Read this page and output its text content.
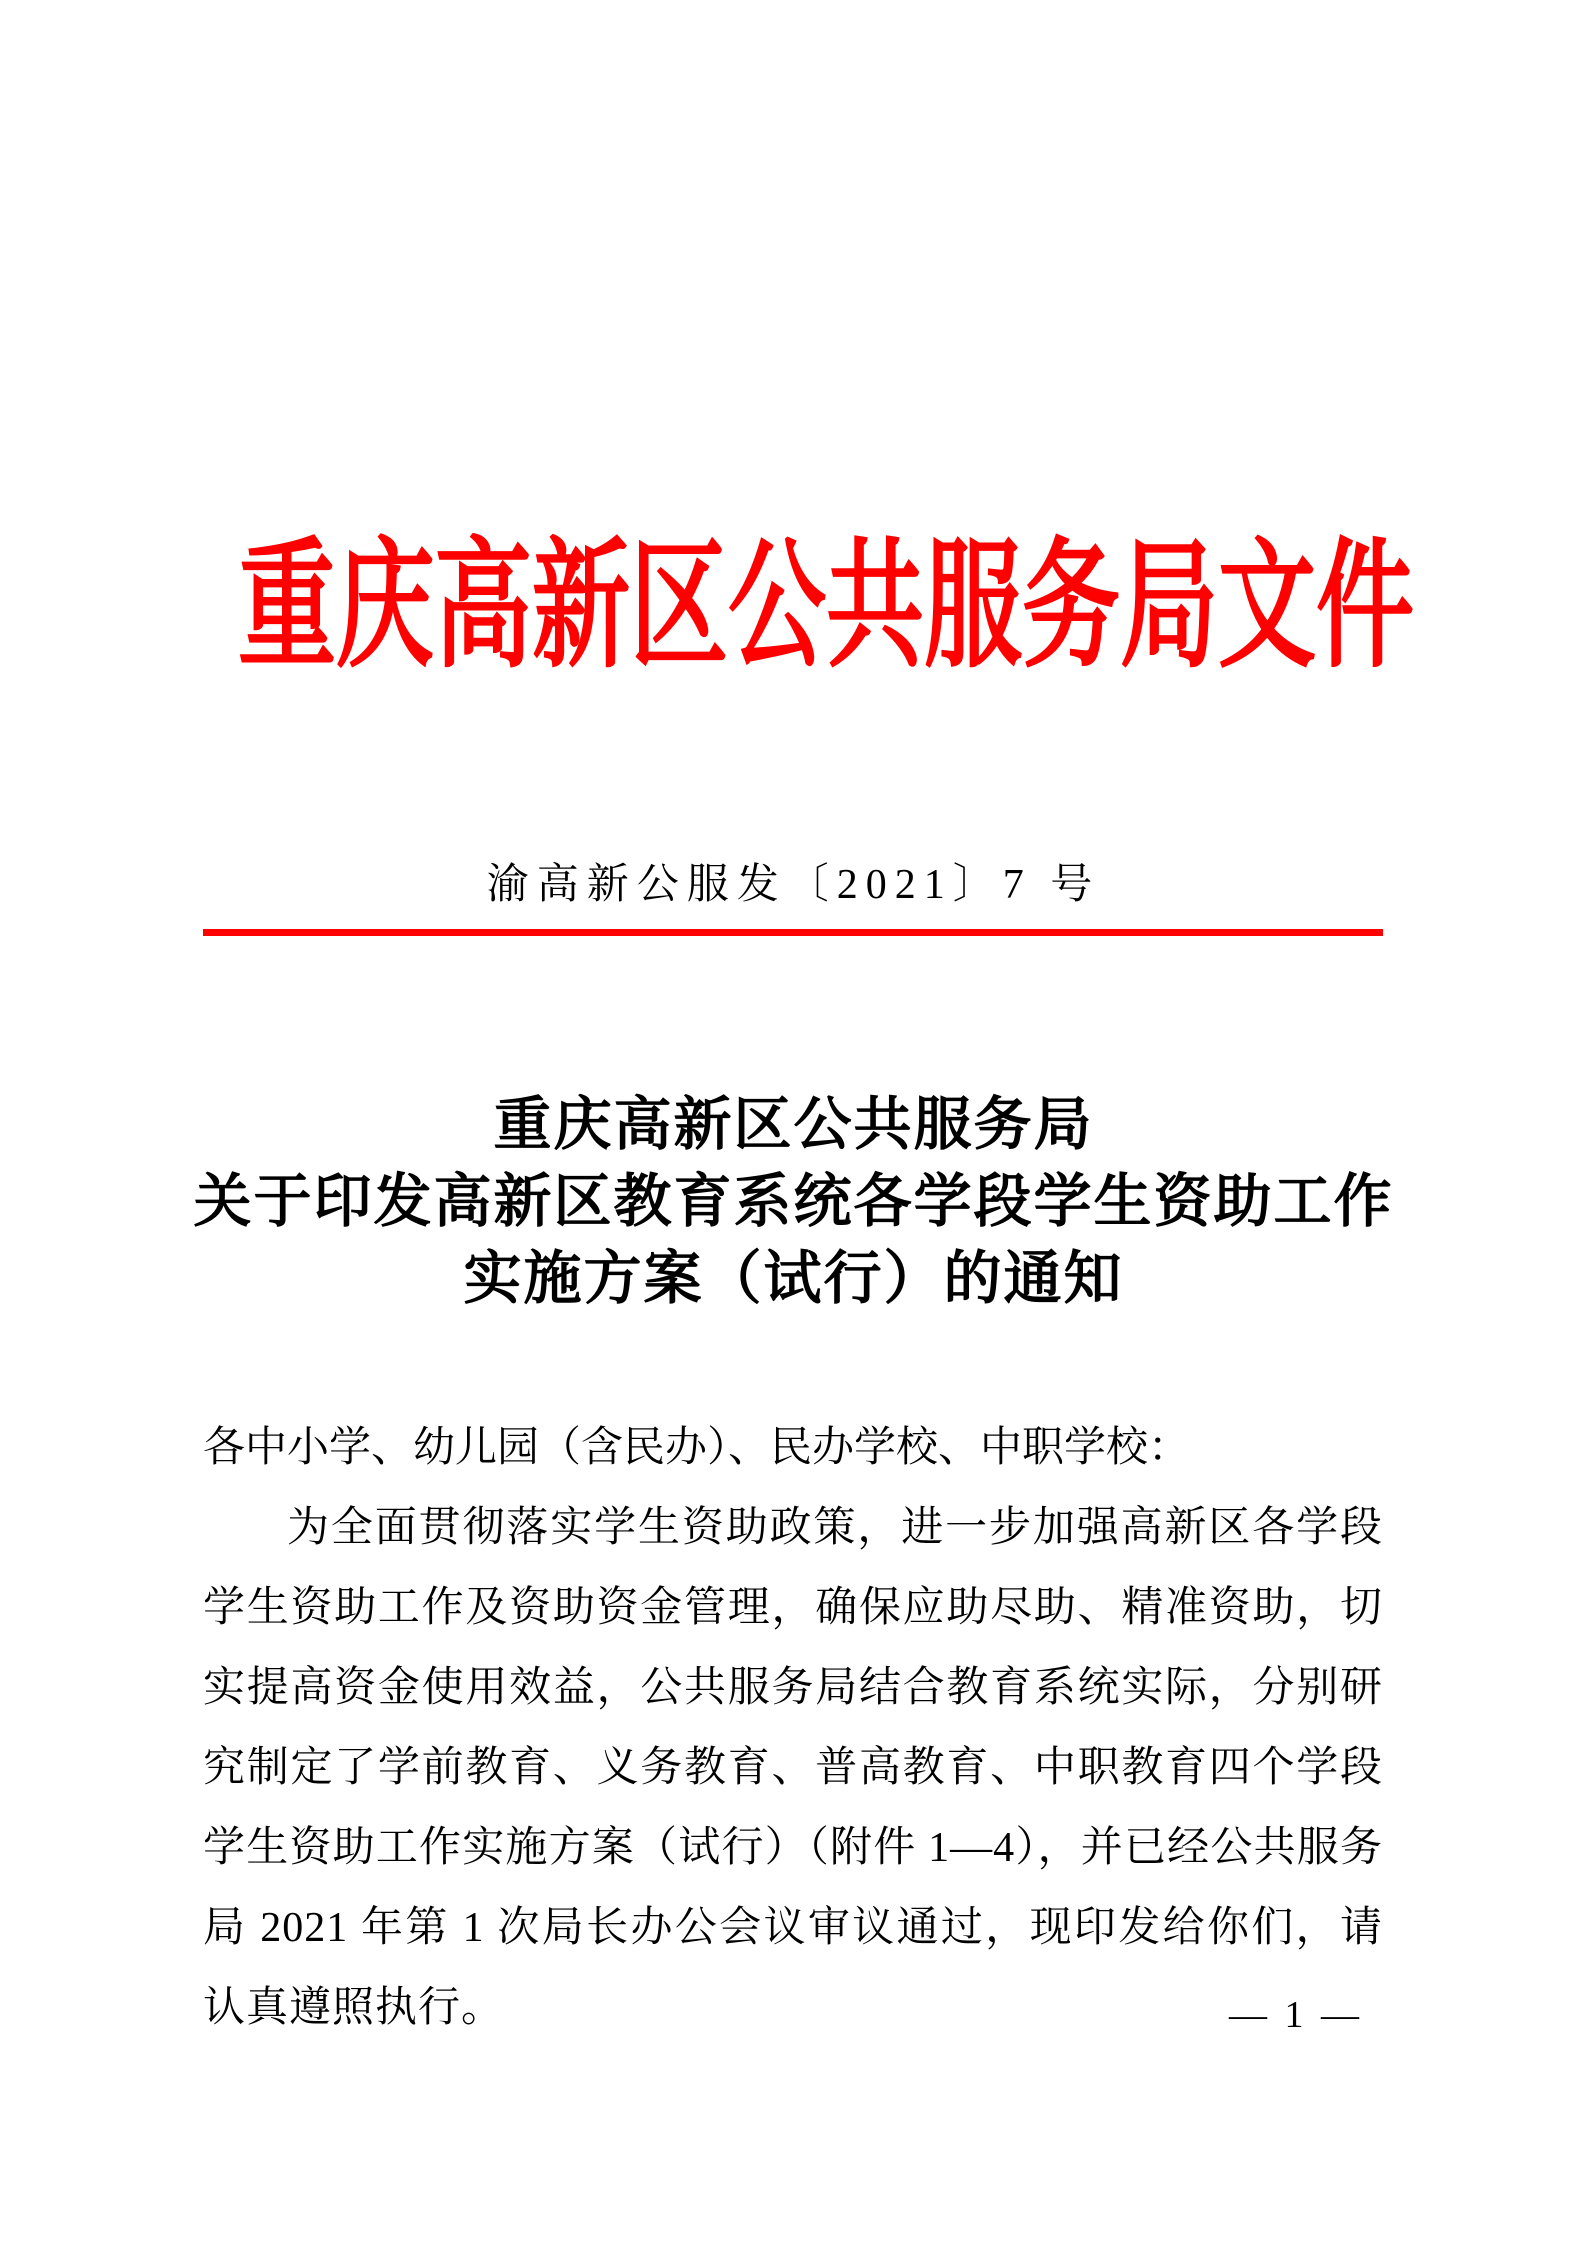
重庆高新区公共服务局文件
渝高新公服发〔2021〕7 号
重庆高新区公共服务局
关于印发高新区教育系统各学段学生资助工作
实施方案（试行）的通知
各中小学、幼儿园（含民办）、民办学校、中职学校：
为全面贯彻落实学生资助政策，进一步加强高新区各学段学生资助工作及资助资金管理，确保应助尽助、精准资助，切实提高资金使用效益，公共服务局结合教育系统实际，分别研究制定了学前教育、义务教育、普高教育、中职教育四个学段学生资助工作实施方案（试行）（附件 1—4），并已经公共服务局 2021 年第 1 次局长办公会议审议通过，现印发给你们，请认真遵照执行。	— 1 —
